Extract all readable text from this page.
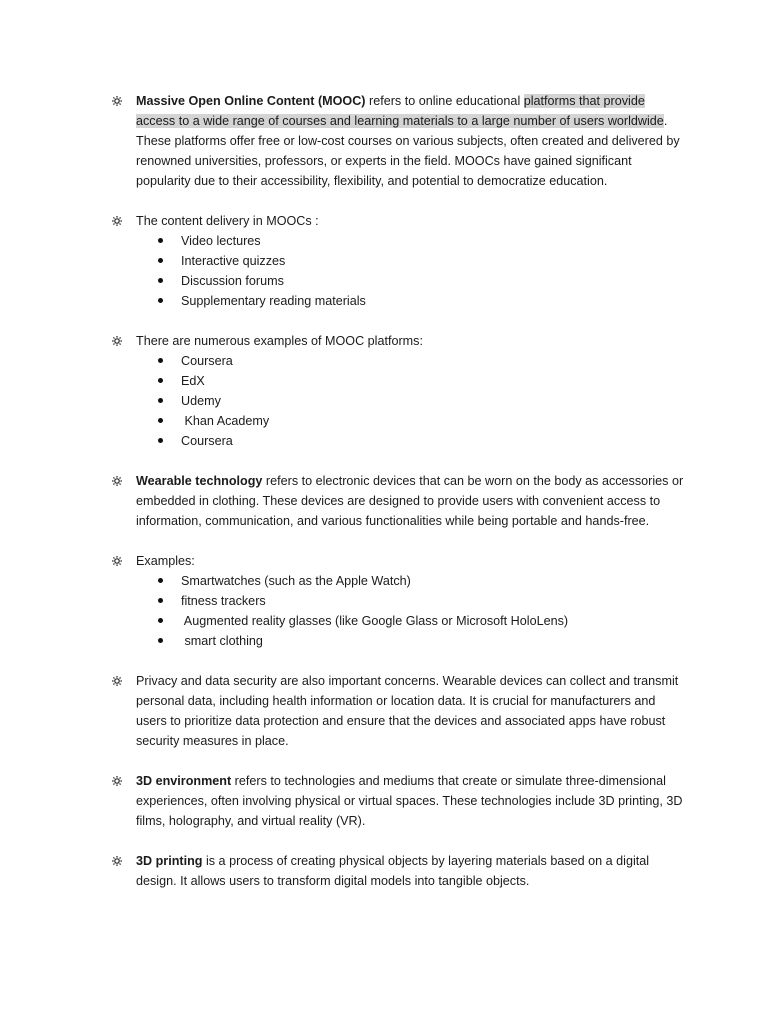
Massive Open Online Content (MOOC) refers to online educational platforms that provide access to a wide range of courses and learning materials to a large number of users worldwide. These platforms offer free or low-cost courses on various subjects, often created and delivered by renowned universities, professors, or experts in the field. MOOCs have gained significant popularity due to their accessibility, flexibility, and potential to democratize education.

The content delivery in MOOCs :

Video lectures
Interactive quizzes
Discussion forums
Supplementary reading materials

There are numerous examples of MOOC platforms:

Coursera
EdX
Udemy
Khan Academy
Coursera

Wearable technology refers to electronic devices that can be worn on the body as accessories or embedded in clothing. These devices are designed to provide users with convenient access to information, communication, and various functionalities while being portable and hands-free.

Examples:

Smartwatches (such as the Apple Watch)
fitness trackers
Augmented reality glasses (like Google Glass or Microsoft HoloLens)
smart clothing

Privacy and data security are also important concerns. Wearable devices can collect and transmit personal data, including health information or location data. It is crucial for manufacturers and users to prioritize data protection and ensure that the devices and associated apps have robust security measures in place.

3D environment refers to technologies and mediums that create or simulate three-dimensional experiences, often involving physical or virtual spaces. These technologies include 3D printing, 3D films, holography, and virtual reality (VR).

3D printing is a process of creating physical objects by layering materials based on a digital design. It allows users to transform digital models into tangible objects.
